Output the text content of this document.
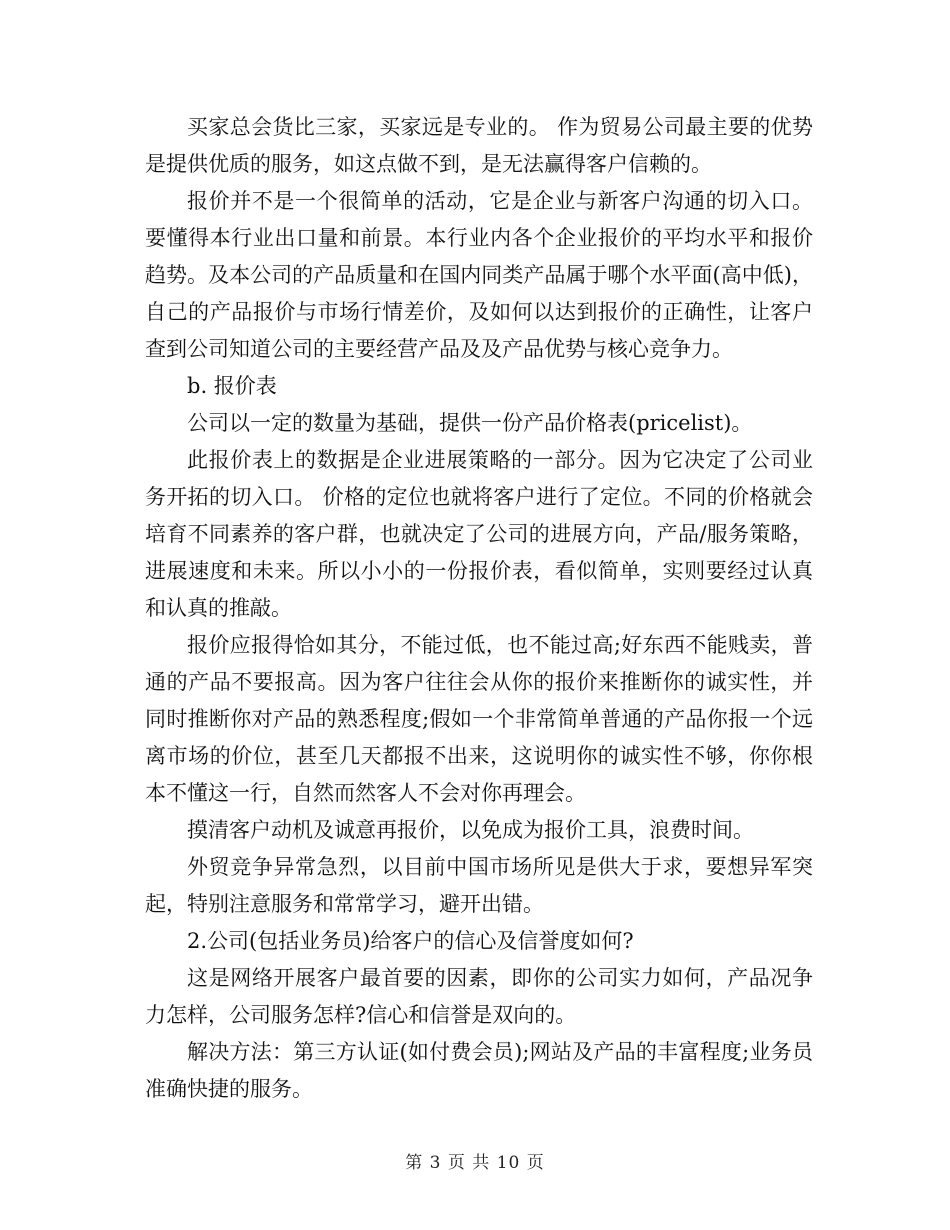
买家总会货比三家，买家远是专业的。 作为贸易公司最主要的优势是提供优质的服务，如这点做不到，是无法赢得客户信赖的。

报价并不是一个很简单的活动，它是企业与新客户沟通的切入口。要懂得本行业出口量和前景。本行业内各个企业报价的平均水平和报价趋势。及本公司的产品质量和在国内同类产品属于哪个水平面(高中低)，自己的产品报价与市场行情差价，及如何以达到报价的正确性，让客户查到公司知道公司的主要经营产品及及产品优势与核心竞争力。

b. 报价表

公司以一定的数量为基础，提供一份产品价格表(pricelist)。

此报价表上的数据是企业进展策略的一部分。因为它决定了公司业务开拓的切入口。 价格的定位也就将客户进行了定位。不同的价格就会培育不同素养的客户群，也就决定了公司的进展方向，产品/服务策略， 进展速度和未来。所以小小的一份报价表，看似简单，实则要经过认真和认真的推敲。

报价应报得恰如其分，不能过低，也不能过高;好东西不能贱卖，普通的产品不要报高。因为客户往往会从你的报价来推断你的诚实性，并同时推断你对产品的熟悉程度;假如一个非常简单普通的产品你报一个远离市场的价位，甚至几天都报不出来，这说明你的诚实性不够，你你根本不懂这一行，自然而然客人不会对你再理会。

摸清客户动机及诚意再报价，以免成为报价工具，浪费时间。

外贸竞争异常急烈，以目前中国市场所见是供大于求，要想异军突起，特别注意服务和常常学习，避开出错。

2.公司(包括业务员)给客户的信心及信誉度如何?

这是网络开展客户最首要的因素，即你的公司实力如何，产品况争力怎样，公司服务怎样?信心和信誉是双向的。

解决方法：第三方认证(如付费会员);网站及产品的丰富程度;业务员准确快捷的服务。

第 3 页 共 10 页
